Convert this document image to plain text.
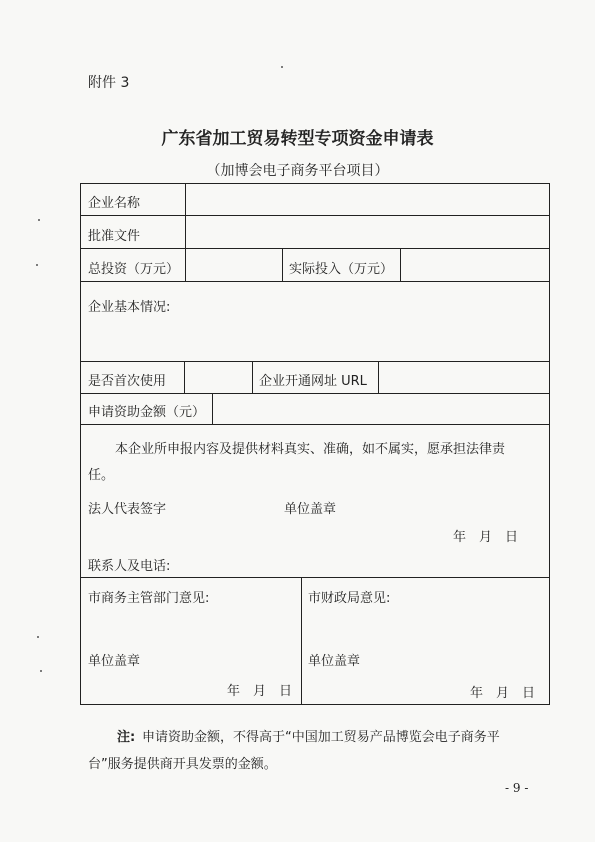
附件 3
广东省加工贸易转型专项资金申请表
（加博会电子商务平台项目）
企业名称
批准文件
总投资（万元）	实际投入（万元）
企业基本情况:
是否首次使用	企业开通网址 URL
申请资助金额（元）
本企业所申报内容及提供材料真实、准确，如不属实，愿承担法律责
任。
法人代表签字	单位盖章
年　月　日
联系人及电话:
市商务主管部门意见:	市财政局意见:
单位盖章	单位盖章
年　月　日	年　月　日
注: 申请资助金额，不得高于“中国加工贸易产品博览会电子商务平
台”服务提供商开具发票的金额。
- 9 -
